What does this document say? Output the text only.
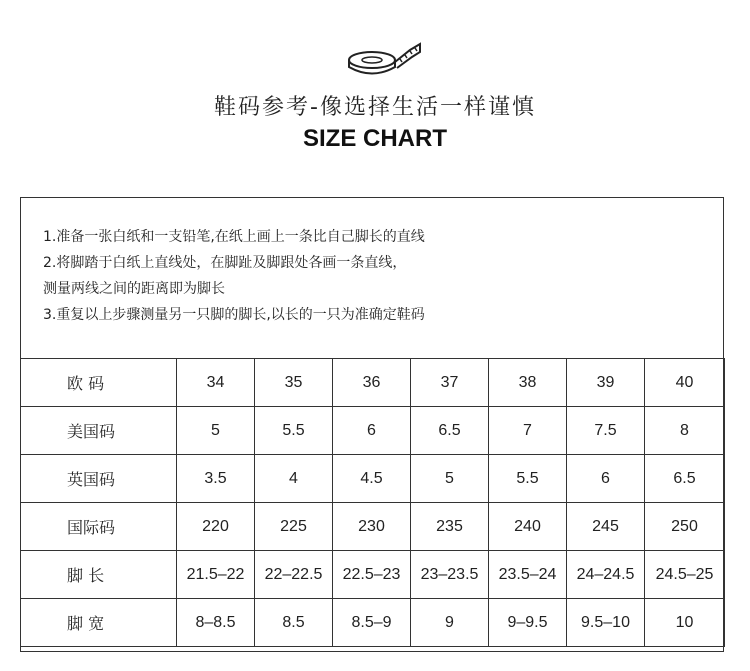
鞋码参考-像选择生活一样谨慎
SIZE CHART
1.准备一张白纸和一支铅笔,在纸上画上一条比自己脚长的直线
2.将脚踏于白纸上直线处，在脚趾及脚跟处各画一条直线，
测量两线之间的距离即为脚长
3.重复以上步骤测量另一只脚的脚长,以长的一只为准确定鞋码
欧 码	34	35	36	37	38	39	40
美国码	5	5.5	6	6.5	7	7.5	8
英国码	3.5	4	4.5	5	5.5	6	6.5
国际码	220	225	230	235	240	245	250
脚 长	21.5–22	22–22.5	22.5–23	23–23.5	23.5–24	24–24.5	24.5–25
脚 宽	8–8.5	8.5	8.5–9	9	9–9.5	9.5–10	10
